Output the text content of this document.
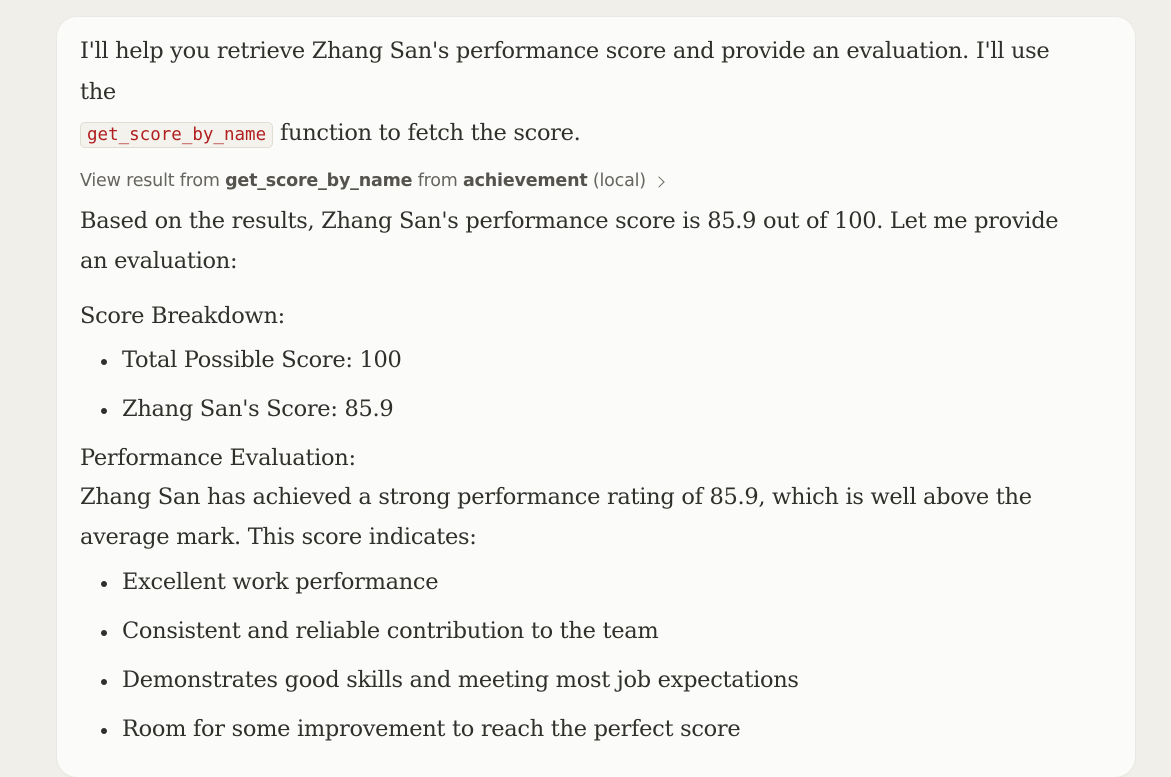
I'll help you retrieve Zhang San's performance score and provide an evaluation. I'll use the
get_score_by_name function to fetch the score.

View result from
get_score_by_name
from
achievement
(local)

Based on the results, Zhang San's performance score is 85.9 out of 100. Let me provide an evaluation:

Score Breakdown:

Total Possible Score: 100
Zhang San's Score: 85.9

Performance Evaluation:

Zhang San has achieved a strong performance rating of 85.9, which is well above the average mark. This score indicates:

Excellent work performance
Consistent and reliable contribution to the team
Demonstrates good skills and meeting most job expectations
Room for some improvement to reach the perfect score
